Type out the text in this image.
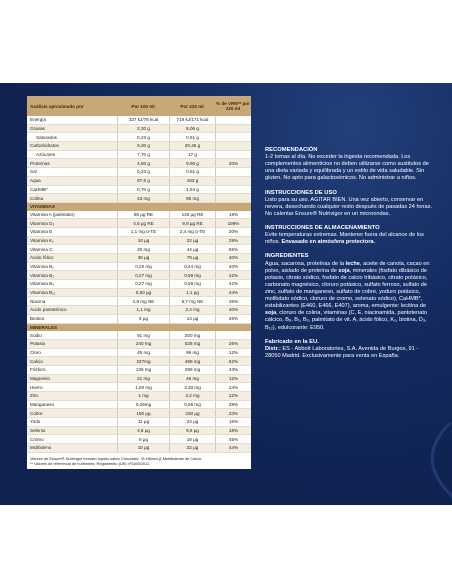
Análisis aproximado por	Por 100 ml	Por 220 ml	% de VRN** por 220 ml
Energía	327 kJ/78 kcal	719 kJ/171 kcal
Grasas	2,30 g	5,06 g
Saturados	0,23 g	0,51 g
Carbohidratos	9,30 g	20,46 g
Azúcares	7,70 g	17 g
Proteínas	4,50 g	9,90 g	20%
Sal	0,23 g	0,51 g
Agua	87,6 g	193 g
CaHMB*	0,70 g	1,54 g
Colina	43 mg	95 mg
VITAMINAS
Vitamina A (palmitato)	66 µg RE	145 µg RE	18%
Vitamina D₃	4,5 µg RE	9,9 µg RE	198%
Vitamina E	1,1 mg α-TE	2,4 mg α-TE	20%
Vitamina K₁	10 µg	22 µg	29%
Vitamina C	20 mg	44 µg	55%
Ácido fólico	36 µg	79 µg	40%
Vitamina B₁	0,20 mg	0,44 mg	40%
Vitamina B₂	0,27 mg	0,59 mg	42%
Vitamina B₆	0,27 mg	0,59 mg	42%
Vitamina B₁₂	0,50 µg	1,1 µg	44%
Niacina	2,6 mg NE	5,7 mg NE	36%
Ácido pantoténico	1,1 mg	2,4 mg	40%
Biotina	6 µg	13 µg	26%
MINERALES
Sodio	91 mg	200 mg
Potasio	240 mg	528 mg	26%
Cloro	45 mg	99 mg	12%
Calcio	227mg	499 mg	62%
Fósforo	136 mg	299 mg	43%
Magnesio	21 mg	46 mg	12%
Hierro	1,50 mg	3,30 mg	24%
Zinc	1 mg	2,2 mg	22%
Manganeso	0,25mg	0,55 mg	28%
Cobre	150 µg	330 µg	33%
Yodo	11 µg	24 µg	16%
Selenio	4,5 µg	9,9 µg	18%
Cromo	8 µg	18 µg	45%
Molibdeno	10 µg	22 µg	44%
Valores de Ensure® Nutrivigor formato líquido sabor Chocolate. *β-Hidroxi-β-Metilbutirato de Calcio.
** Valores de referencia de nutrientes: Reglamento (UE) nº1169/2011.
RECOMENDACIÓN

1-2 tomas al día. No exceder la ingesta recomendada. Los complementos alimenticios no deben utilizarse como sustitutos de una dieta variada y equilibrada y un estilo de vida saludable. Sin gluten. No apto para galactosémicos. No administrar a niños.

INSTRUCCIONES DE USO

Listo para su uso. AGITAR BIEN. Una vez abierto, conservar en nevera, desechando cualquier resto después de pasadas 24 horas. No calentar Ensure® Nutrivigor en un microondas.

INSTRUCCIONES DE ALMACENAMIENTO

Evite temperaturas extremas. Mantener fuera del alcance de los niños. Envasado en atmósfera protectora.

INGREDIENTES

Agua, sacarosa, proteínas de la leche, aceite de canola, cacao en polvo, aislado de proteína de soja, minerales (fosfato dibásico de potasio, citrato sódico, fosfato de calcio tribásico, citrato potásico, carbonato magnésico, cloruro potásico, sulfato ferroso, sulfato de zinc, sulfato de manganeso, sulfato de cobre, yoduro potásico, molibdato sódico, cloruro de cromo, selenato sódico), CaHMB*, estabilizantes (E460, E466, E407), aroma, emulgente: lecitina de soja, cloruro de colina, vitaminas (C, E, niacinamida, pantotenato cálcico, B₆, B₁, B₂, palmitato de vit. A, ácido fólico, K₁, biotina, D₃, B₁₂), edulcorante: E950.

Fabricado en la EU.

Distr.: ES - Abbott Laboratories, S.A. Avenida de Burgos, 91 - 28050 Madrid. Exclusivamente para venta en España.
